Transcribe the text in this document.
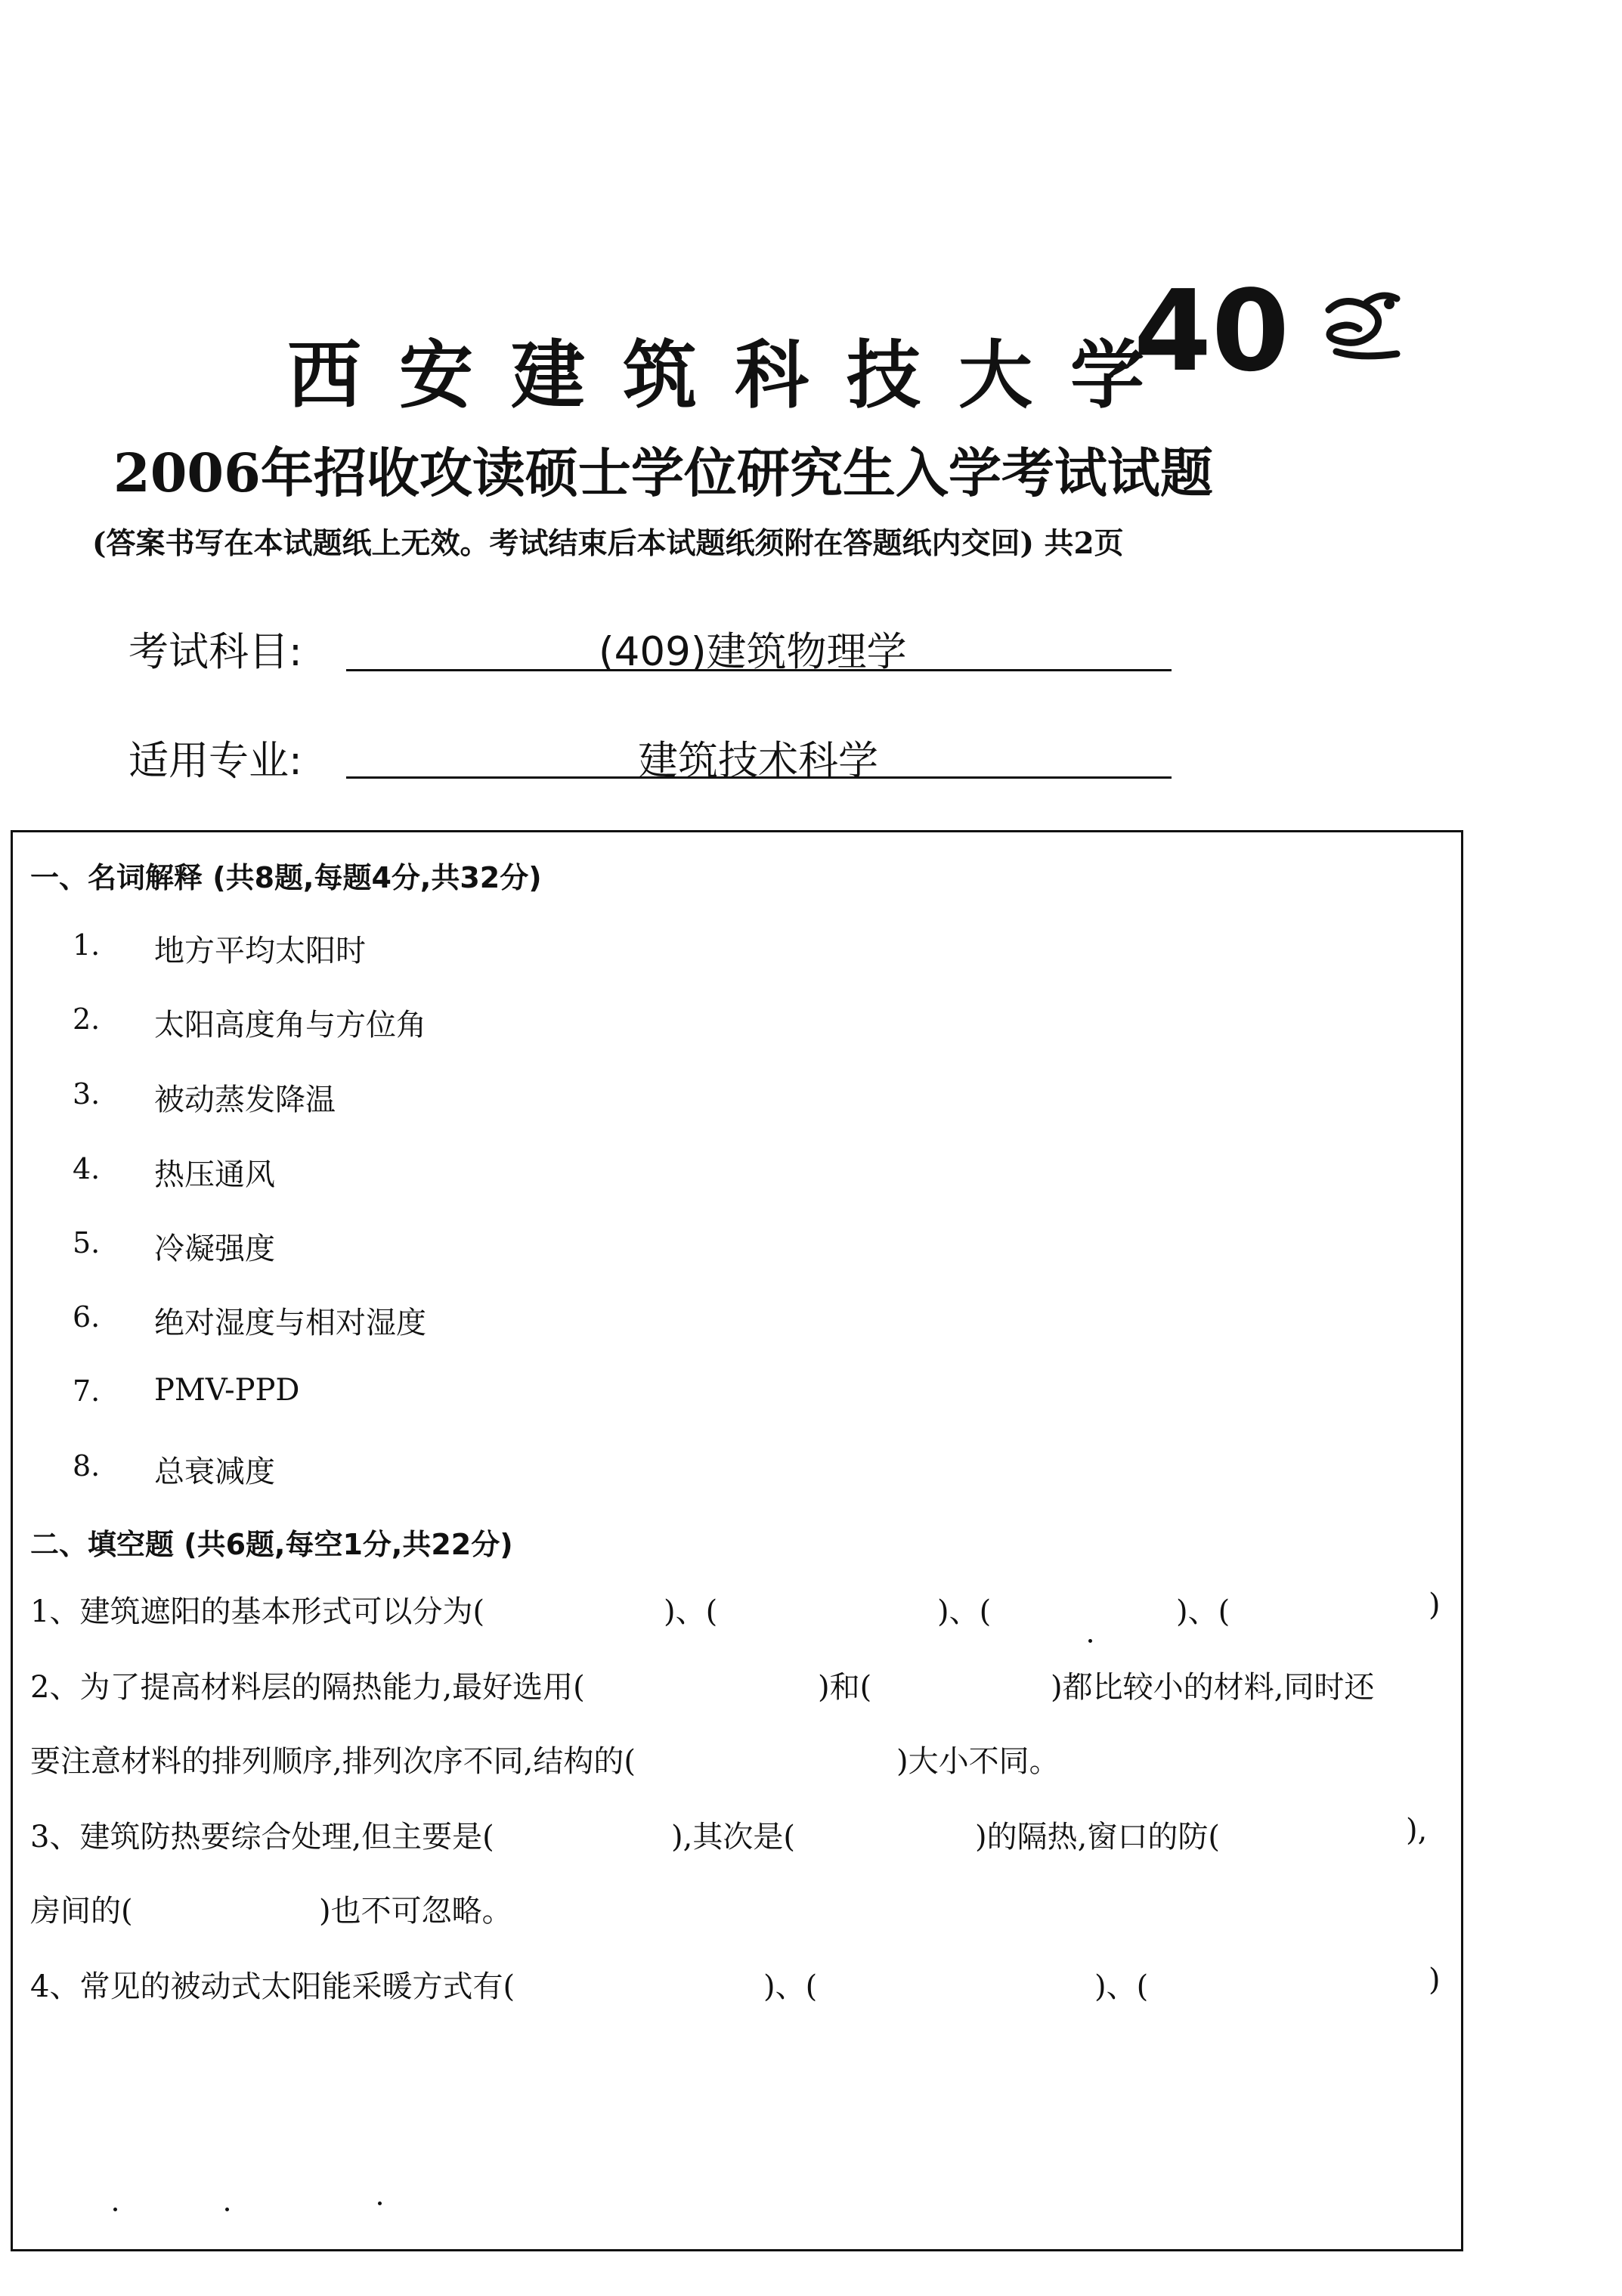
西安建筑科技大学
40
2006年招收攻读硕士学位研究生入学考试试题
(答案书写在本试题纸上无效。考试结束后本试题纸须附在答题纸内交回) 共2页
考试科目:	(409)建筑物理学
适用专业:	建筑技术科学
一、名词解释 (共8题,每题4分,共32分)
1. 地方平均太阳时
2. 太阳高度角与方位角
3. 被动蒸发降温
4. 热压通风
5. 冷凝强度
6. 绝对湿度与相对湿度
7. PMV-PPD
8. 总衰减度
二、填空题 (共6题,每空1分,共22分)
1、建筑遮阳的基本形式可以分为(	)、(	)、(	)、(	)
2、为了提高材料层的隔热能力,最好选用(	)和(	)都比较小的材料,同时还
要注意材料的排列顺序,排列次序不同,结构的(	)大小不同。
3、建筑防热要综合处理,但主要是(	),其次是(	)的隔热,窗口的防(	),
房间的(	)也不可忽略。
4、常见的被动式太阳能采暖方式有(	)、(	)、(	)
